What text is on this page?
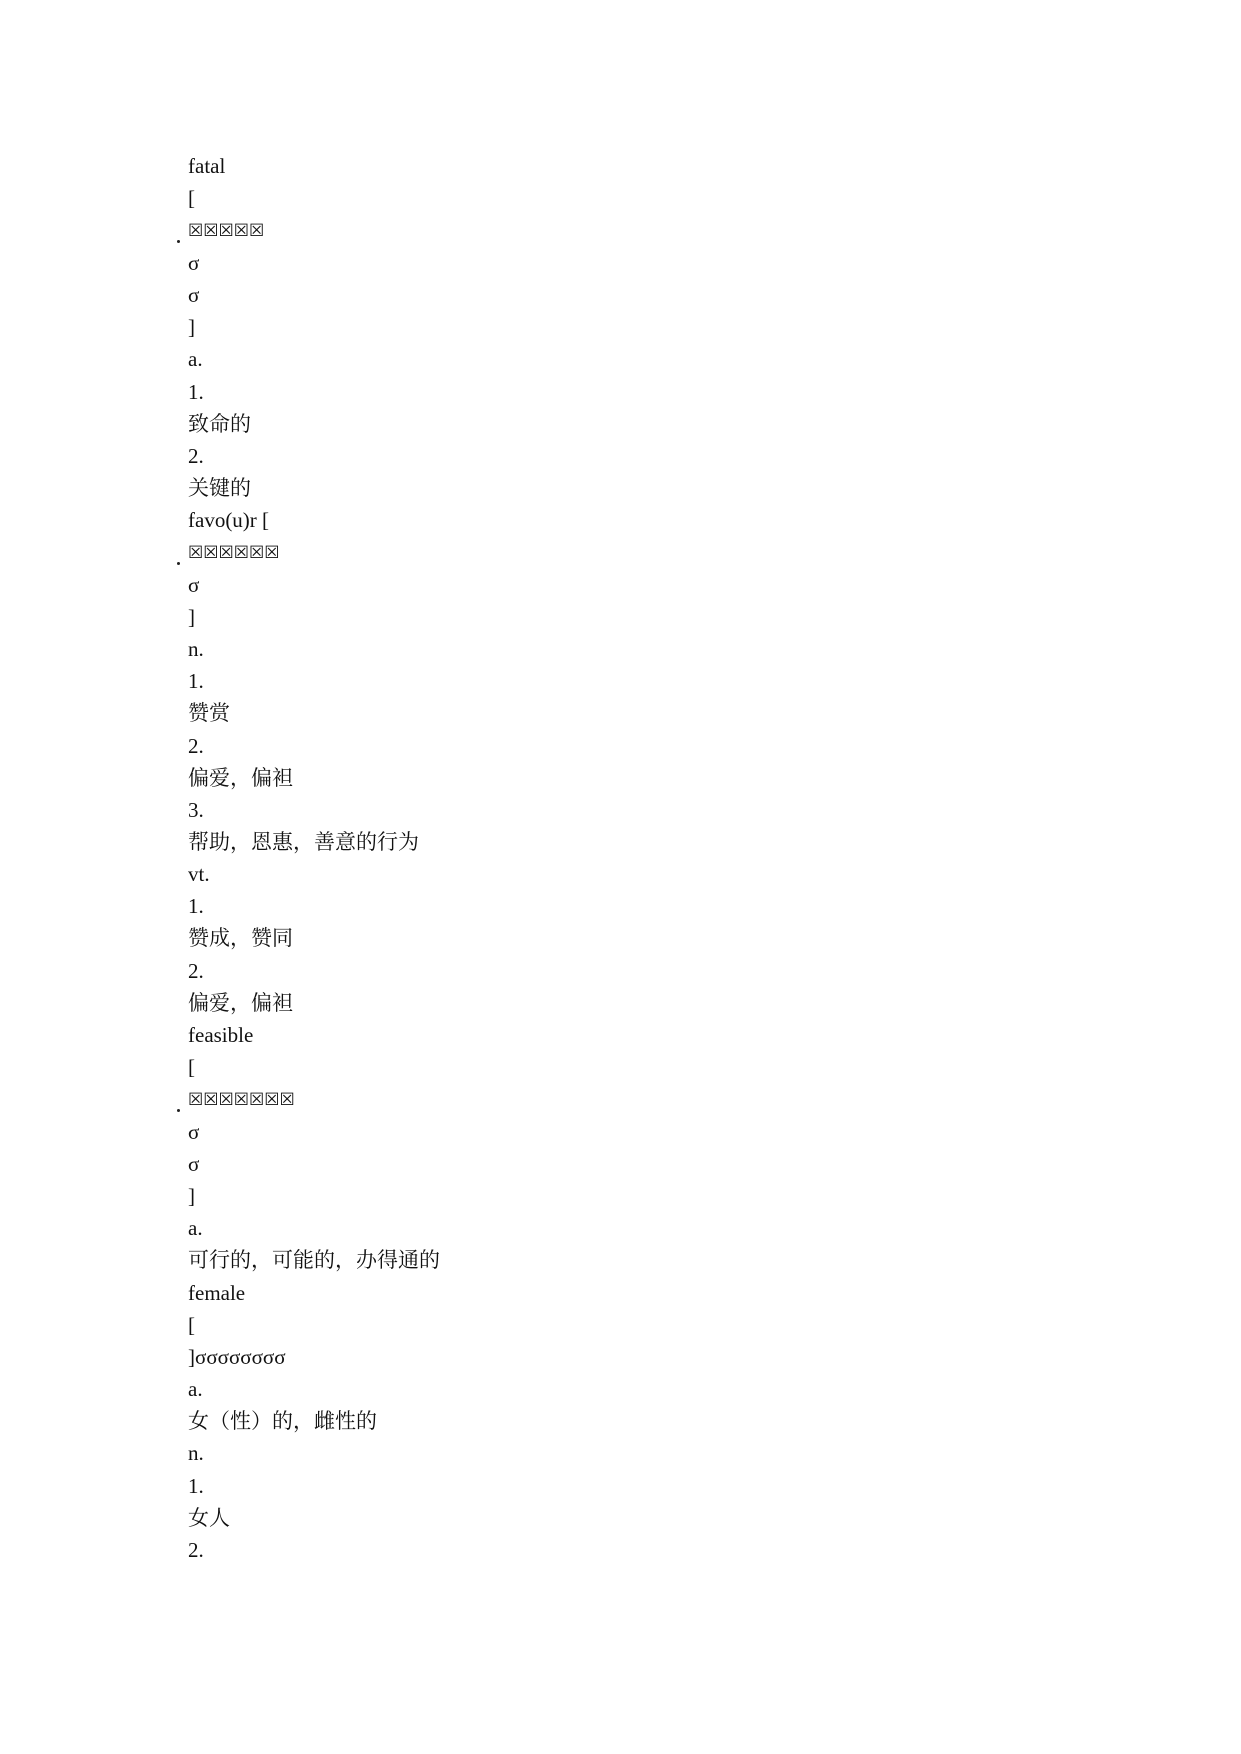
fatal
[
☒☒☒☒☒
σ
σ
]
a.
1.
致命的
2.
关键的
favo(u)r [
☒☒☒☒☒☒
σ
]
n.
1.
赞赏
2.
偏爱，偏袒
3.
帮助，恩惠，善意的行为
vt.
1.
赞成，赞同
2.
偏爱，偏袒
feasible
[
☒☒☒☒☒☒☒
σ
σ
]
a.
可行的，可能的，办得通的
female
[
]σσσσσσσσ
a.
女（性）的，雌性的
n.
1.
女人
2.
